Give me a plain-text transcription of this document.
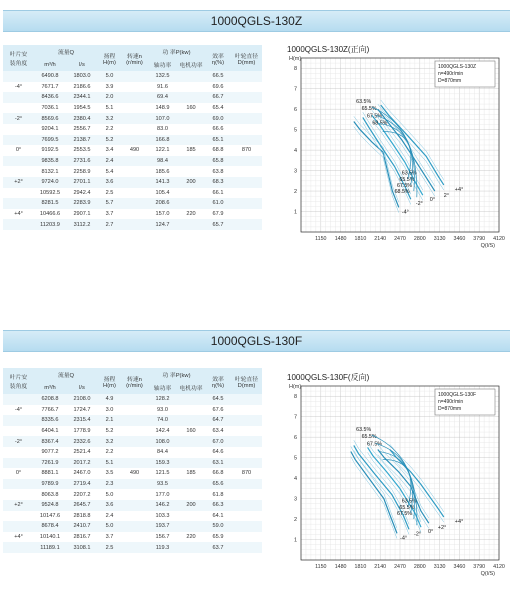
1000QGLS-130Z
叶片安
装角度	流量Q		扬程
H(m)	转速n
(r/min)	功 率P(kw)		效率
η(%)	叶轮直径
D(mm)
	m³/h	l/s			轴功率	电机功率		
	6490.8	1803.0	5.0		132.5		66.5	
-4°	7671.7	2186.6	3.9		91.6		69.6	
	8436.6	2344.1	2.0		69.4		66.7	
	7036.1	1954.5	5.1		148.9	160	65.4	
-2°	8569.6	2380.4	3.2		107.0		69.0	
	9204.1	2556.7	2.2		83.0		66.6	
	7699.5	2138.7	5.2		166.8		65.1	
0°	9192.5	2553.5	3.4	490	122.1	185	68.8	870
	9835.8	2731.6	2.4		98.4		65.8	
	8132.1	2258.9	5.4		185.6		63.8	
+2°	9724.0	2701.1	3.6		141.3	200	68.3	
	10592.5	2942.4	2.5		105.4		66.1	
	8281.5	2283.9	5.7		208.6		61.0	
+4°	10466.6	2907.1	3.7		157.0	220	67.9	
	11203.9	3112.2	2.7		124.7		65.7	
1000QGLS-130Z(正向)
1
2
3
4
5
6
7
8
H(m)
1150 1480 1810 2140 2470 2800 3130 3460 3790 4120
Q(l/S)
1000QGLS-130Z
n=490r/min
D=870mm
-4°
-2°
0°
2°
+4°
63.5%
65.5%
67.5%
68.5%
68.5%
67.5%
65.5%
63.5%
1000QGLS-130F
叶片安
装角度	流量Q		扬程
H(m)	转速n
(r/min)	功 率P(kw)		效率
η(%)	叶轮直径
D(mm)
	m³/h	l/s			轴功率	电机功率		
	6208.8	2108.0	4.9		128.2		64.5	
-4°	7766.7	1724.7	3.0		93.0		67.6	
	8335.6	2315.4	2.1		74.0		64.7	
	6404.1	1778.9	5.2		142.4	160	63.4	
-2°	8367.4	2332.6	3.2		108.0		67.0	
	9077.2	2521.4	2.2		84.4		64.6	
	7261.9	2017.2	5.1		159.3		63.1	
0°	8881.1	2467.0	3.5	490	121.5	185	66.8	870
	9789.9	2719.4	2.3		93.5		65.6	
	8063.8	2207.2	5.0		177.0		61.8	
+2°	9524.8	2645.7	3.6		146.2	200	66.3	
	10147.6	2818.8	2.4		103.3		64.1	
	8678.4	2410.7	5.0		193.7		59.0	
+4°	10140.1	2816.7	3.7		156.7	220	65.9	
	11189.1	3108.1	2.5		119.3		63.7	
1000QGLS-130F(反向)
1
2
3
4
5
6
7
8
H(m)
1150 1480 1810 2140 2470 2800 3130 3460 3790 4120
Q(l/S)
1000QGLS-130F
n=490r/min
D=870mm
-4°
-2° 0°
+2°
+4°
63.5%
65.5%
67.5%
67.5%
65.5%
63.5%
